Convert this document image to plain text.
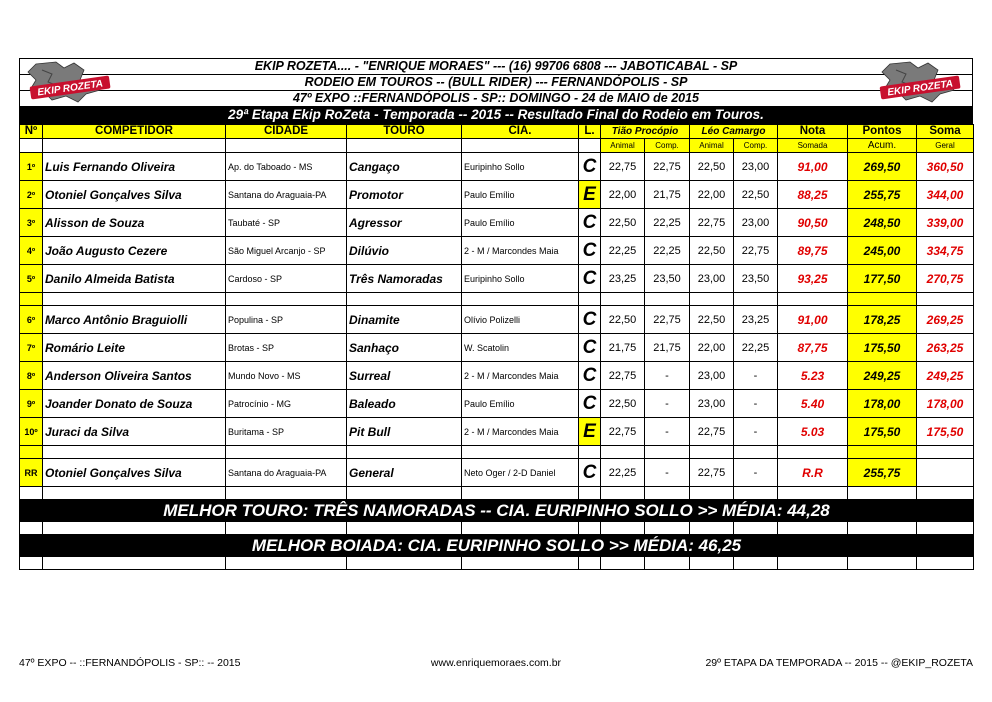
EKIP ROZETA.... - "ENRIQUE MORAES" --- (16) 99706 6808 --- JABOTICABAL - SP
RODEIO EM TOUROS -- (BULL RIDER) --- FERNANDÓPOLIS - SP
47º EXPO ::FERNANDÓPOLIS - SP:: DOMINGO - 24 de MAIO de 2015
29ª Etapa Ekip RoZeta - Temporada -- 2015 -- Resultado Final do Rodeio em Touros.
EKIP ROZETA	EKIP ROZETA
Nº	COMPETIDOR	CIDADE	TOURO	CIA.	L.	Tião Procópio		Léo Camargo		Nota	Pontos	Soma
						Animal	Comp.	Animal	Comp.	Somada	Acum.	Geral
1º	Luis Fernando Oliveira	Ap. do Taboado - MS	Cangaço	Euripinho Sollo	C	22,75	22,75	22,50	23,00	91,00	269,50	360,50
2º	Otoniel Gonçalves Silva	Santana do Araguaia-PA	Promotor	Paulo Emílio	E	22,00	21,75	22,00	22,50	88,25	255,75	344,00
3º	Alisson de Souza	Taubaté - SP	Agressor	Paulo Emílio	C	22,50	22,25	22,75	23,00	90,50	248,50	339,00
4º	João Augusto Cezere	São Miguel Arcanjo - SP	Dilúvio	2 - M / Marcondes Maia	C	22,25	22,25	22,50	22,75	89,75	245,00	334,75
5º	Danilo Almeida Batista	Cardoso - SP	Três Namoradas	Euripinho Sollo	C	23,25	23,50	23,00	23,50	93,25	177,50	270,75

6º	Marco Antônio Braguiolli	Populina - SP	Dinamite	Olívio Polizelli	C	22,50	22,75	22,50	23,25	91,00	178,25	269,25
7º	Romário Leite	Brotas - SP	Sanhaço	W. Scatolin	C	21,75	21,75	22,00	22,25	87,75	175,50	263,25
8º	Anderson Oliveira Santos	Mundo Novo - MS	Surreal	2 - M / Marcondes Maia	C	22,75	-	23,00	-	5.23	249,25	249,25
9º	Joander Donato de Souza	Patrocínio - MG	Baleado	Paulo Emílio	C	22,50	-	23,00	-	5.40	178,00	178,00
10º	Juraci da Silva	Buritama - SP	Pit Bull	2 - M / Marcondes Maia	E	22,75	-	22,75	-	5.03	175,50	175,50

RR	Otoniel Gonçalves Silva	Santana do Araguaia-PA	General	Neto Oger / 2-D Daniel	C	22,25	-	22,75	-	R.R	255,75	

MELHOR TOURO: TRÊS NAMORADAS -- CIA. EURIPINHO SOLLO >> MÉDIA: 44,28												

MELHOR BOIADA: CIA. EURIPINHO SOLLO >> MÉDIA: 46,25												

47º EXPO -- ::FERNANDÓPOLIS - SP:: -- 2015	www.enriquemoraes.com.br	29º ETAPA DA TEMPORADA -- 2015 -- @EKIP_ROZETA
